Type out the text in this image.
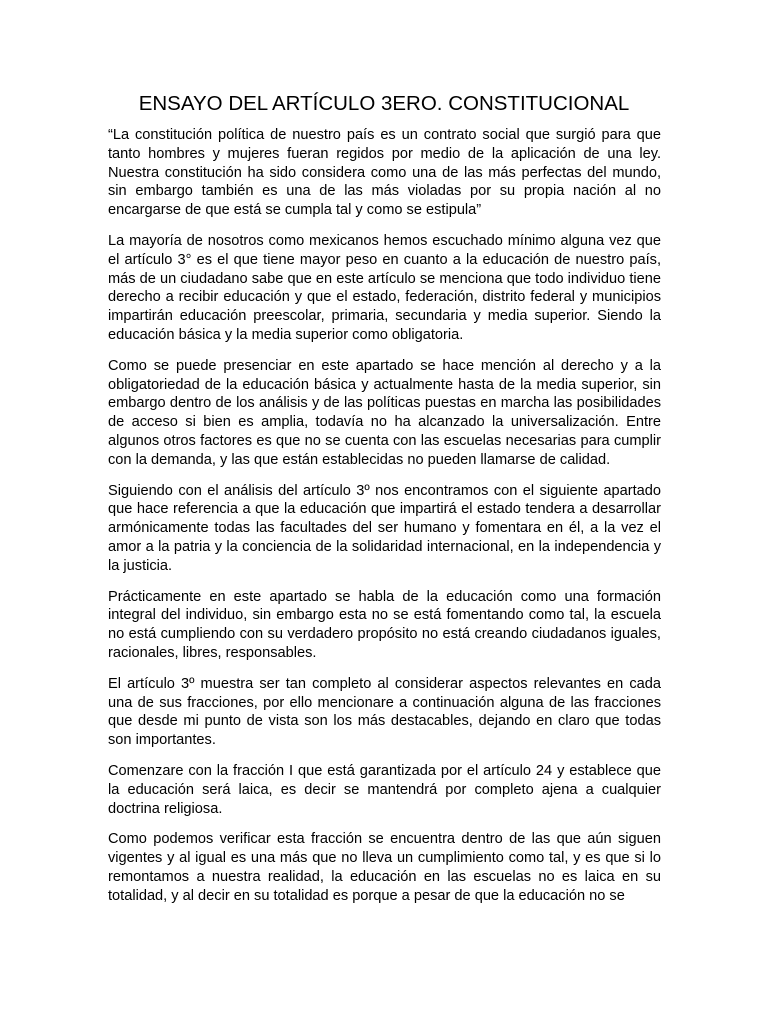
ENSAYO DEL ARTÍCULO 3ERO. CONSTITUCIONAL

“La constitución política de nuestro país es un contrato social que surgió para que tanto hombres y mujeres fueran regidos por medio de la aplicación de una ley. Nuestra constitución ha sido considera como una de las más perfectas del mundo, sin embargo también es una de las más violadas por su propia nación al no encargarse de que está se cumpla tal y como se estipula”

La mayoría de nosotros como mexicanos hemos escuchado mínimo alguna vez que el artículo 3° es el que tiene mayor peso en cuanto a la educación de nuestro país, más de un ciudadano sabe que en este artículo se menciona que todo individuo tiene derecho a recibir educación y que el estado, federación, distrito federal y municipios impartirán educación preescolar, primaria, secundaria y media superior. Siendo la educación básica y la media superior como obligatoria.

Como se puede presenciar en este apartado se hace mención al derecho y a la obligatoriedad de la educación básica y actualmente hasta de la media superior, sin embargo dentro de los análisis y de las políticas puestas en marcha las posibilidades de acceso si bien es amplia, todavía no ha alcanzado la universalización. Entre algunos otros factores es que no se cuenta con las escuelas necesarias para cumplir con la demanda, y las que están establecidas no pueden llamarse de calidad.

Siguiendo con el análisis del artículo 3º nos encontramos con el siguiente apartado que hace referencia a que la educación que impartirá el estado tendera a desarrollar armónicamente todas las facultades del ser humano y fomentara en él, a la vez el amor a la patria y la conciencia de la solidaridad internacional, en la independencia y la justicia.

Prácticamente en este apartado se habla de la educación como una formación integral del individuo, sin embargo esta no se está fomentando como tal, la escuela no está cumpliendo con su verdadero propósito no está creando ciudadanos iguales, racionales, libres, responsables.

El artículo 3º muestra ser tan completo al considerar aspectos relevantes en cada una de sus fracciones, por ello mencionare a continuación alguna de las fracciones que desde mi punto de vista son los más destacables, dejando en claro que todas son importantes.

Comenzare con la fracción I que está garantizada por el artículo 24 y establece que la educación será laica, es decir se mantendrá por completo ajena a cualquier doctrina religiosa.

Como podemos verificar esta fracción se encuentra dentro de las que aún siguen vigentes y al igual es una más que no lleva un cumplimiento como tal, y es que si lo remontamos a nuestra realidad, la educación en las escuelas no es laica en su totalidad, y al decir en su totalidad es porque a pesar de que la educación no se
